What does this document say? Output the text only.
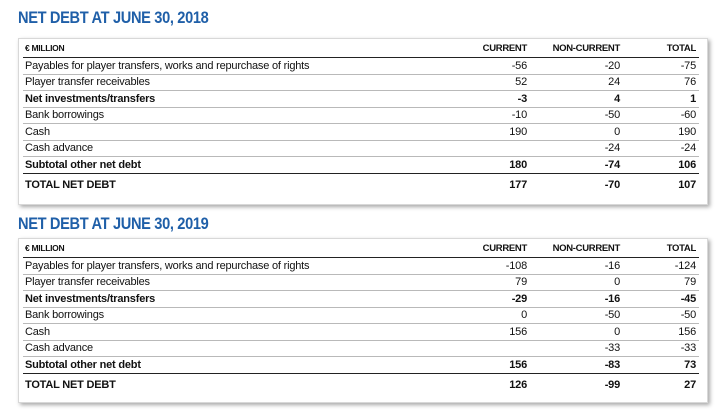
NET DEBT AT JUNE 30, 2018
€ MILLION	CURRENT	NON-CURRENT	TOTAL
Payables for player transfers, works and repurchase of rights	-56	-20	-75
Player transfer receivables	52	24	76
Net investments/transfers	-3	4	1
Bank borrowings	-10	-50	-60
Cash	190	0	190
Cash advance		-24	-24
Subtotal other net debt	180	-74	106
TOTAL NET DEBT	177	-70	107
NET DEBT AT JUNE 30, 2019
€ MILLION	CURRENT	NON-CURRENT	TOTAL
Payables for player transfers, works and repurchase of rights	-108	-16	-124
Player transfer receivables	79	0	79
Net investments/transfers	-29	-16	-45
Bank borrowings	0	-50	-50
Cash	156	0	156
Cash advance		-33	-33
Subtotal other net debt	156	-83	73
TOTAL NET DEBT	126	-99	27
